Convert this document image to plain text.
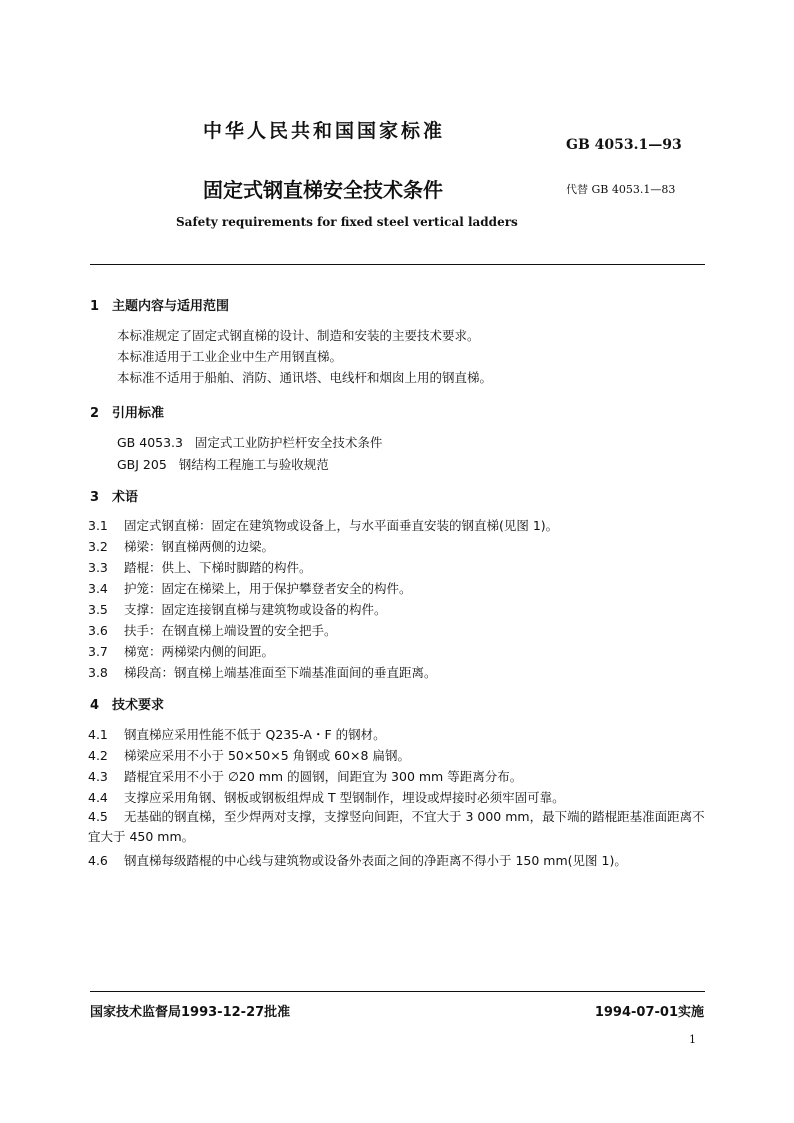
中华人民共和国国家标准
GB 4053.1—93
固定式钢直梯安全技术条件	代替 GB 4053.1—83
Safety requirements for fixed steel vertical ladders
1 主题内容与适用范围
本标准规定了固定式钢直梯的设计、制造和安装的主要技术要求。
本标准适用于工业企业中生产用钢直梯。
本标准不适用于船舶、消防、通讯塔、电线杆和烟囱上用的钢直梯。
2 引用标准
GB 4053.3   固定式工业防护栏杆安全技术条件
GBJ 205   钢结构工程施工与验收规范
3 术语
3.1 固定式钢直梯：固定在建筑物或设备上，与水平面垂直安装的钢直梯(见图 1)。
3.2 梯梁：钢直梯两侧的边梁。
3.3 踏棍：供上、下梯时脚踏的构件。
3.4 护笼：固定在梯梁上，用于保护攀登者安全的构件。
3.5 支撑：固定连接钢直梯与建筑物或设备的构件。
3.6 扶手：在钢直梯上端设置的安全把手。
3.7 梯宽：两梯梁内侧的间距。
3.8 梯段高：钢直梯上端基准面至下端基准面间的垂直距离。
4 技术要求
4.1 钢直梯应采用性能不低于 Q235-A・F 的钢材。
4.2 梯梁应采用不小于 50×50×5 角钢或 60×8 扁钢。
4.3 踏棍宜采用不小于 ∅20 mm 的圆钢，间距宜为 300 mm 等距离分布。
4.4 支撑应采用角钢、钢板或钢板组焊成 T 型钢制作，埋设或焊接时必须牢固可靠。
4.5 无基础的钢直梯，至少焊两对支撑，支撑竖向间距，不宜大于 3 000 mm，最下端的踏棍距基准面距离不宜大于 450 mm。
4.6 钢直梯每级踏棍的中心线与建筑物或设备外表面之间的净距离不得小于 150 mm(见图 1)。
国家技术监督局1993-12-27批准	1994-07-01实施
1
